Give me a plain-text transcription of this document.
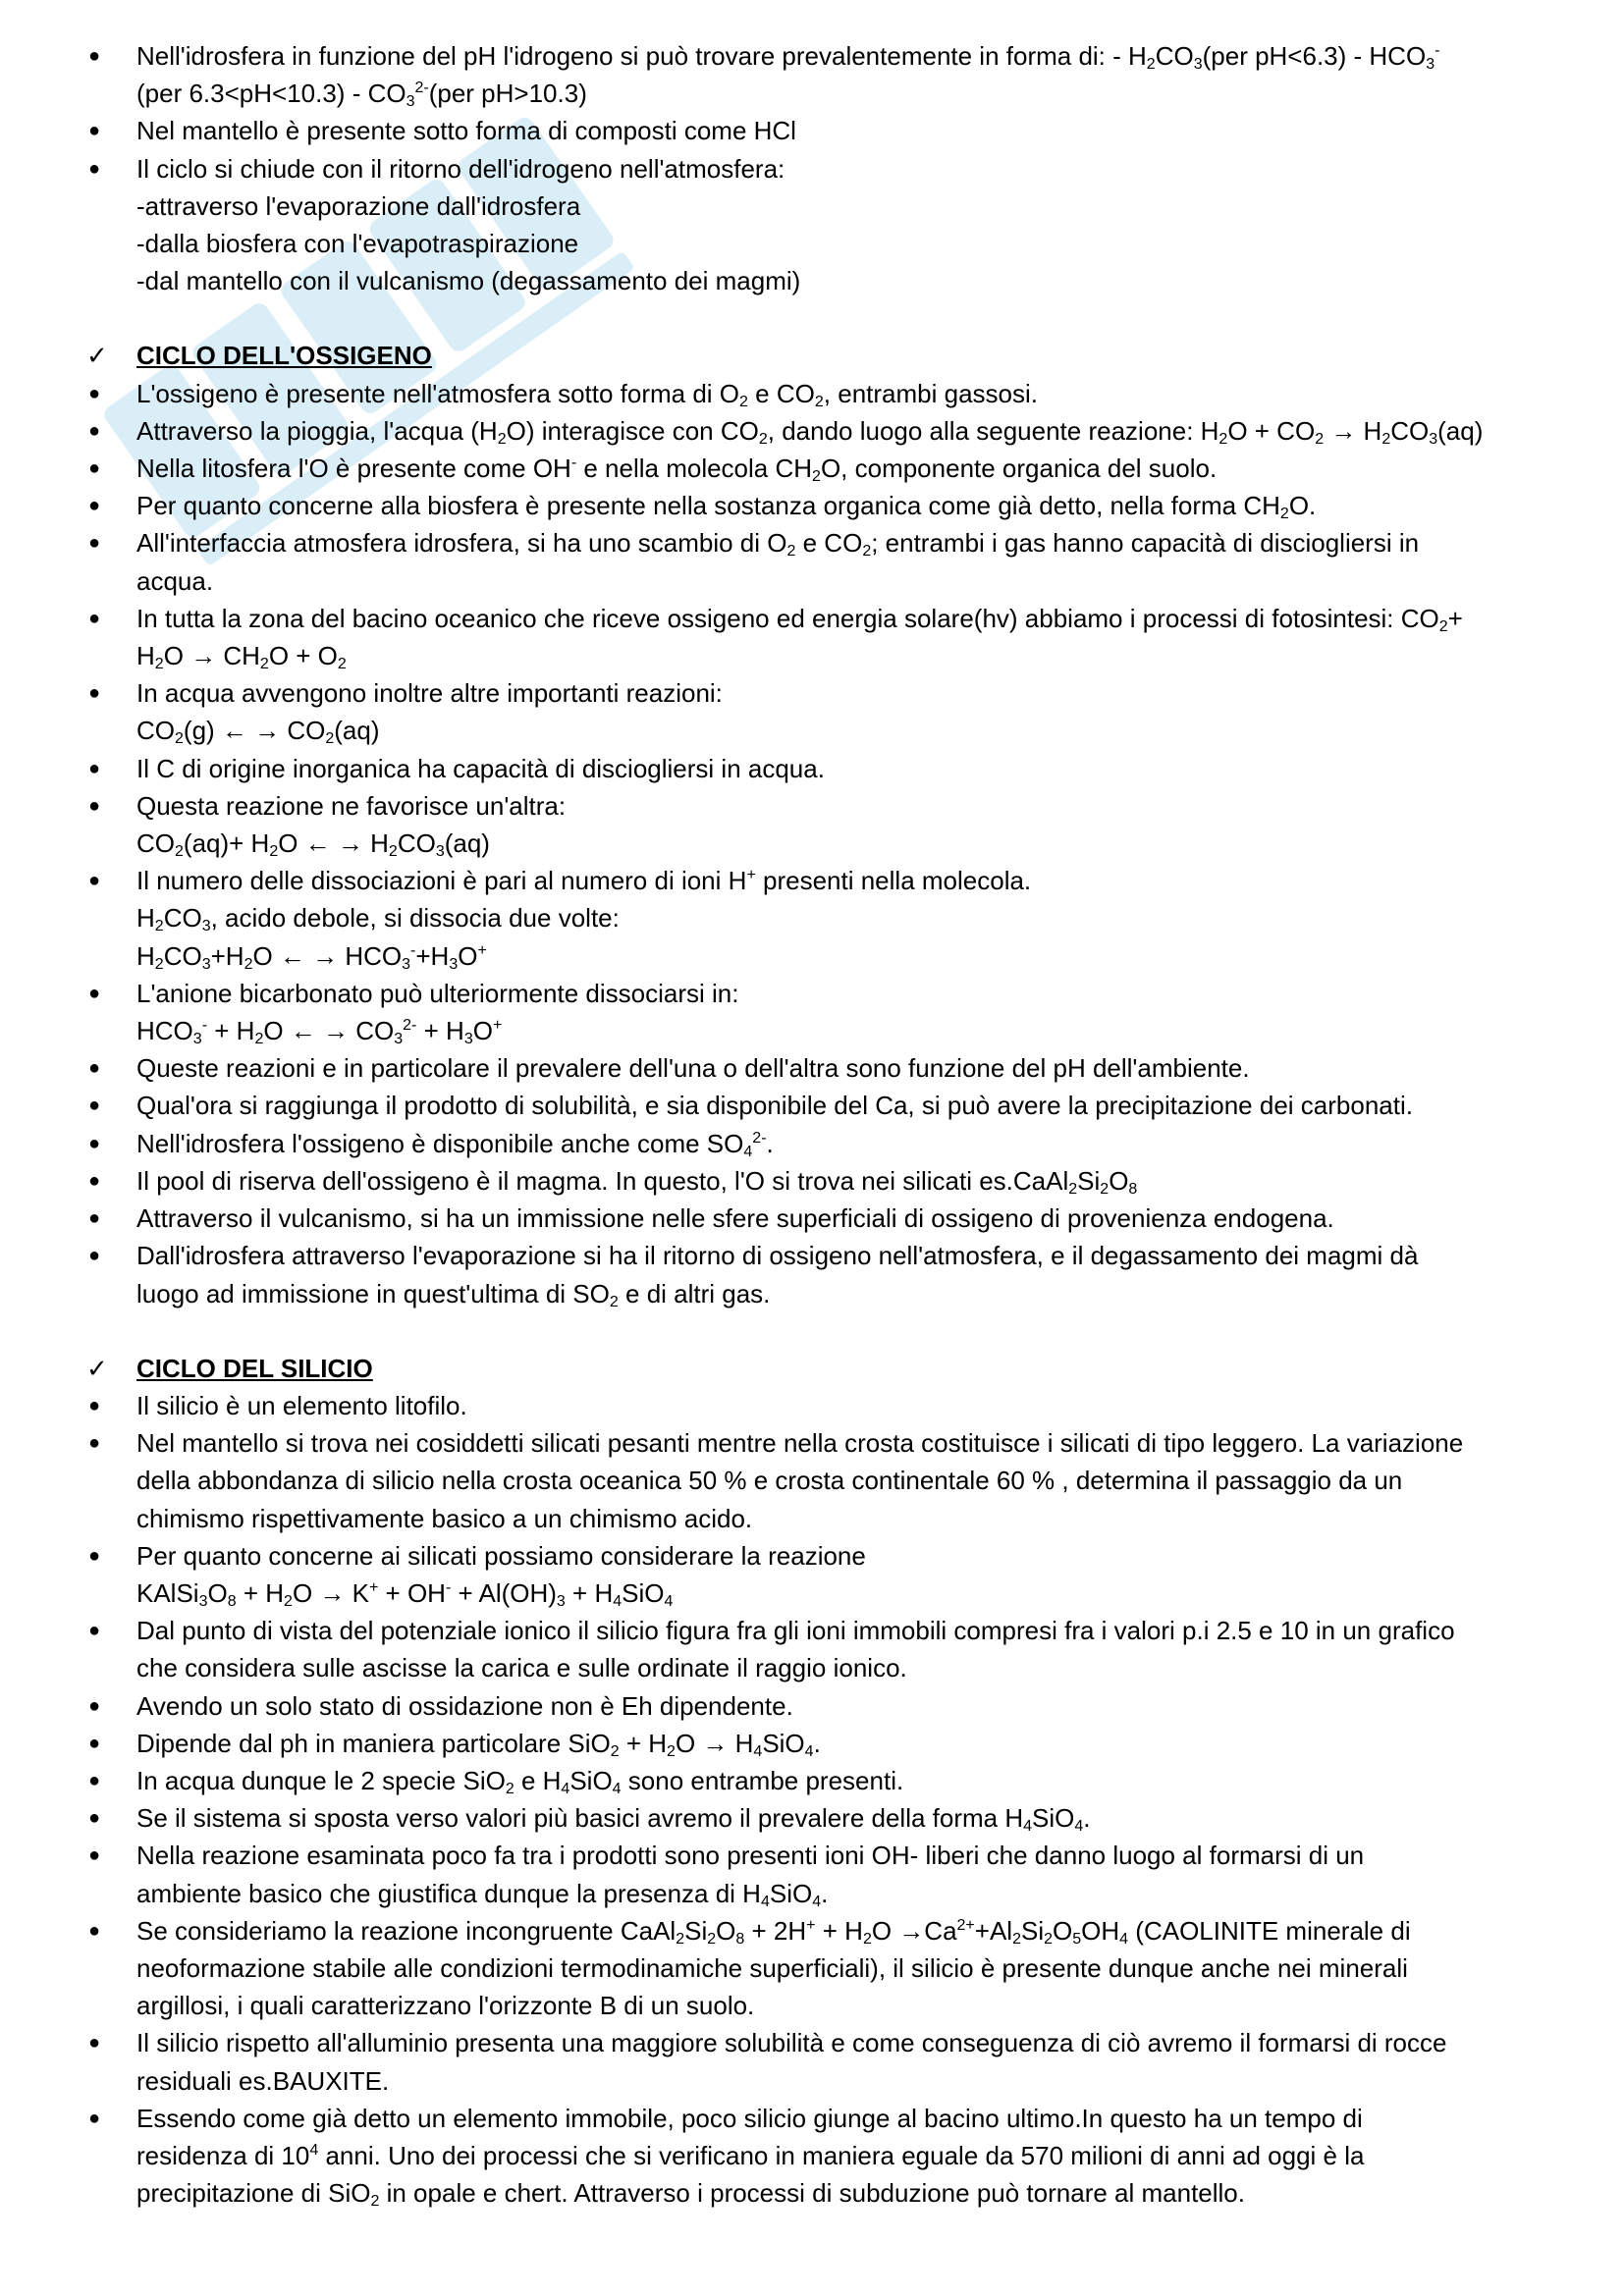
● Nell'idrosfera in funzione del pH l'idrogeno si può trovare prevalentemente in forma di: - $H_2CO_3(per$ $pH<6.3) - HCO_3^-$
(per $6.3<pH<10.3) - CO_3^{2-}(per$ pH>10.3)
● Nel mantello è presente sotto forma di composti come HCl
● Il ciclo si chiude con il ritorno dell'idrogeno nell'atmosfera:
-attraverso l'evaporazione dall'idrosfera
-dalla biosfera con l'evapotraspirazione
-dal mantello con il vulcanismo (degassamento dei magmi)
✓ CICLO DELL'OSSIGENO
● L'ossigeno è presente nell'atmosfera sotto forma di $O_2$ e $CO_2$, entrambi gassosi.
● Attraverso la pioggia, l'acqua $(H_2O)$ interagisce con $CO_2$, dando luogo alla seguente reazione: $H_2O + CO_2 \to H_2CO_3(aq)$
● Nella litosfera l'O è presente come OH- e nella molecola $CH_2O$, componente organica del suolo.
● Per quanto concerne alla biosfera è presente nella sostanza organica come già detto, nella forma $CH_2O$.
● All'interfaccia atmosfera idrosfera, si ha uno scambio di $O_2$ e $CO_2$; entrambi i gas hanno capacità di disciogliersi in
acqua.
● In tutta la zona del bacino oceanico che riceve ossigeno ed energia solare(hv) abbiamo i processi di fotosintesi: $CO_2+$
$H_2O \to CH_2O + O_2$
● In acqua avvengono inoltre altre importanti reazioni:
$CO_2(g)$ ← → $CO_2(aq)$
● Il C di origine inorganica ha capacità di disciogliersi in acqua.
● Questa reazione ne favorisce un'altra:
$CO_2(aq)+ H_2O$ ← → $H_2CO_3(aq)$
● Il numero delle dissociazioni è pari al numero di ioni H+ presenti nella molecola.
$H_2CO_3$, acido debole, si dissocia due volte:
$H_2CO_3+H_2O$ ← → $HCO_3^-+H_3O^+$
● L'anione bicarbonato può ulteriormente dissociarsi in:
$HCO_3^- + H_2O$ ← → $CO_3^{2-} + H_3O^+$
● Queste reazioni e in particolare il prevalere dell'una o dell'altra sono funzione del pH dell'ambiente.
● Qual'ora si raggiunga il prodotto di solubilità, e sia disponibile del Ca, si può avere la precipitazione dei carbonati.
● Nell'idrosfera l'ossigeno è disponibile anche come $SO_4^{2-}$.
● Il pool di riserva dell'ossigeno è il magma. In questo, l'O si trova nei silicati $es.CaAl_2Si_2O_8$
● Attraverso il vulcanismo, si ha un immissione nelle sfere superficiali di ossigeno di provenienza endogena.
● Dall'idrosfera attraverso l'evaporazione si ha il ritorno di ossigeno nell'atmosfera, e il degassamento dei magmi dà
luogo ad immissione in quest'ultima di $SO_2$ e di altri gas.
✓ CICLO DEL SILICIO
● Il silicio è un elemento litofilo.
● Nel mantello si trova nei cosiddetti silicati pesanti mentre nella crosta costituisce i silicati di tipo leggero. La variazione
della abbondanza di silicio nella crosta oceanica 50 % e crosta continentale 60 % , determina il passaggio da un
chimismo rispettivamente basico a un chimismo acido.
● Per quanto concerne ai silicati possiamo considerare la reazione
$KAlSi_3O_8 + H_2O \to K^+ + OH^- + Al(OH)_3 + H_4SiO_4$
● Dal punto di vista del potenziale ionico il silicio figura fra gli ioni immobili compresi fra i valori p.i 2.5 e 10 in un grafico
che considera sulle ascisse la carica e sulle ordinate il raggio ionico.
● Avendo un solo stato di ossidazione non è Eh dipendente.
● Dipende dal ph in maniera particolare $SiO_2 + H_2O \to H_4SiO_4$.
● In acqua dunque le 2 specie SiO$_2$ e $H_4SiO_4$ sono entrambe presenti.
● Se il sistema si sposta verso valori più basici avremo il prevalere della forma $H_4SiO_4$.
● Nella reazione esaminata poco fa tra i prodotti sono presenti ioni OH- liberi che danno luogo al formarsi di un
ambiente basico che giustifica dunque la presenza di $H_4SiO_4$.
● Se consideriamo la reazione incongruente $CaAl_2Si_2O_8 + 2H^+ + H_2O \to Ca^{2+}+Al_2Si_2O_5OH_4$ (CAOLINITE minerale di
neoformazione stabile alle condizioni termodinamiche superficiali), il silicio è presente dunque anche nei minerali
argillosi, i quali caratterizzano l'orizzonte B di un suolo.
● Il silicio rispetto all'alluminio presenta una maggiore solubilità e come conseguenza di ciò avremo il formarsi di rocce
residuali es.BAUXITE.
● Essendo come già detto un elemento immobile, poco silicio giunge al bacino ultimo.In questo ha un tempo di
residenza di $10^4$ anni. Uno dei processi che si verificano in maniera eguale da 570 milioni di anni ad oggi è la
precipitazione di SiO$_2$ in opale e chert. Attraverso i processi di subduzione può tornare al mantello.
